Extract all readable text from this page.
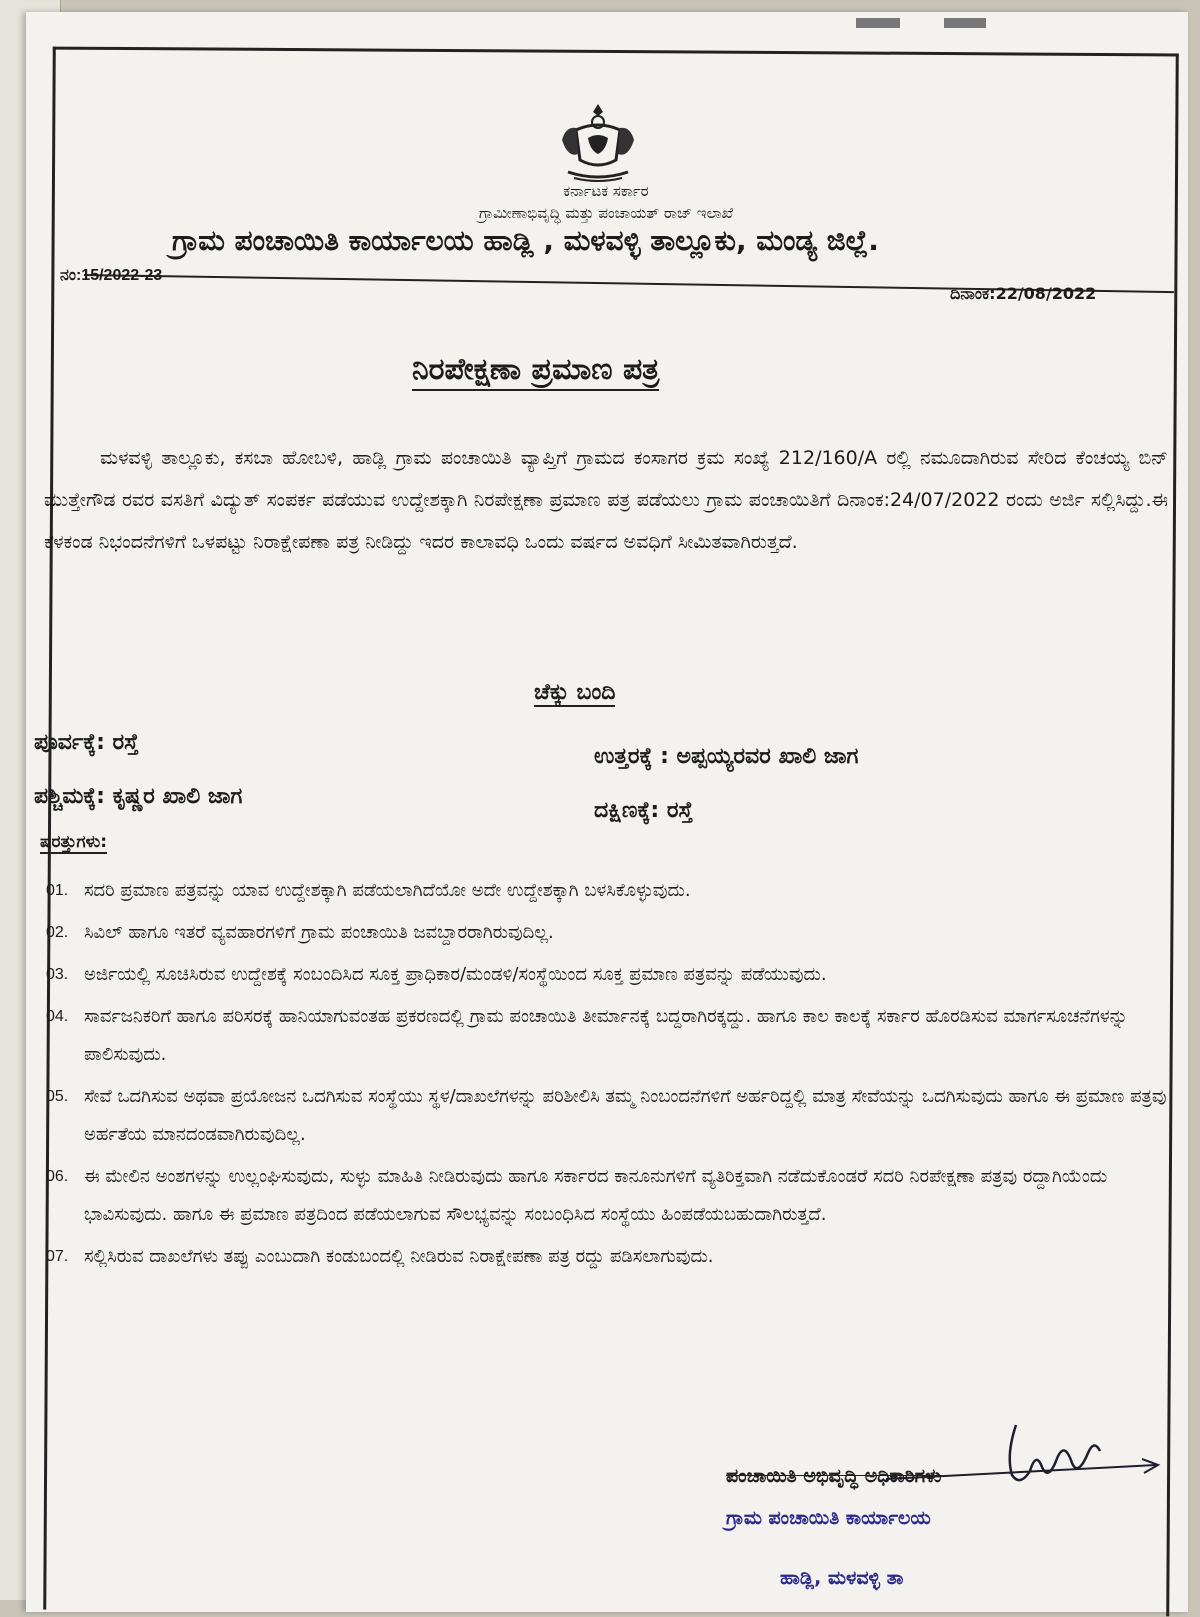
ಕರ್ನಾಟಕ ಸರ್ಕಾರ
ಗ್ರಾಮೀಣಾಭಿವೃದ್ಧಿ ಮತ್ತು ಪಂಚಾಯತ್ ರಾಜ್ ಇಲಾಖೆ
ಗ್ರಾಮ ಪಂಚಾಯಿತಿ ಕಾರ್ಯಾಲಯ ಹಾಡ್ಲಿ , ಮಳವಳ್ಳಿ ತಾಲ್ಲೂಕು, ಮಂಡ್ಯ ಜಿಲ್ಲೆ.
ನಂ:15/2022-23
ದಿನಾಂಕ:22/08/2022
ನಿರಪೇಕ್ಷಣಾ ಪ್ರಮಾಣ ಪತ್ರ
ಮಳವಳ್ಳಿ ತಾಲ್ಲೂಕು, ಕಸಬಾ ಹೋಬಳಿ, ಹಾಡ್ಲಿ ಗ್ರಾಮ ಪಂಚಾಯಿತಿ ವ್ಯಾಪ್ತಿಗೆ ಗ್ರಾಮದ ಕಂಸಾಗರ ಕ್ರಮ ಸಂಖ್ಯೆ 212/160/A ರಲ್ಲಿ ನಮೂದಾಗಿರುವ ಸೇರಿದ ಕೆಂಚಯ್ಯ ಬಿನ್ ಮುತ್ತೇಗೌಡ ರವರ ವಸತಿಗೆ ವಿದ್ಯುತ್ ಸಂಪರ್ಕ ಪಡೆಯುವ ಉದ್ದೇಶಕ್ಕಾಗಿ ನಿರಪೇಕ್ಷಣಾ ಪ್ರಮಾಣ ಪತ್ರ ಪಡೆಯಲು ಗ್ರಾಮ ಪಂಚಾಯಿತಿಗೆ ದಿನಾಂಕ:24/07/2022 ರಂದು ಅರ್ಜಿ ಸಲ್ಲಿಸಿದ್ದು.ಈ ಕೆಳಕಂಡ ನಿಭಂದನೆಗಳಿಗೆ ಒಳಪಟ್ಟು ನಿರಾಕ್ಷೇಪಣಾ ಪತ್ರ ನೀಡಿದ್ದು ಇದರ ಕಾಲಾವಧಿ ಒಂದು ವರ್ಷದ ಅವಧಿಗೆ ಸೀಮಿತವಾಗಿರುತ್ತದೆ.
ಚೆಕ್ಕು ಬಂದಿ
ಪೂರ್ವಕ್ಕೆ: ರಸ್ತೆ
ಉತ್ತರಕ್ಕೆ : ಅಪ್ಪಯ್ಯರವರ ಖಾಲಿ ಜಾಗ
ಪಶ್ಚಿಮಕ್ಕೆ: ಕೃಷ್ಣರ ಖಾಲಿ ಜಾಗ
ದಕ್ಷಿಣಕ್ಕೆ: ರಸ್ತೆ
ಷರತ್ತುಗಳು:
01. ಸದರಿ ಪ್ರಮಾಣ ಪತ್ರವನ್ನು ಯಾವ ಉದ್ದೇಶಕ್ಕಾಗಿ ಪಡೆಯಲಾಗಿದೆಯೋ ಅದೇ ಉದ್ದೇಶಕ್ಕಾಗಿ ಬಳಸಿಕೊಳ್ಳುವುದು.
02. ಸಿವಿಲ್ ಹಾಗೂ ಇತರೆ ವ್ಯವಹಾರಗಳಿಗೆ ಗ್ರಾಮ ಪಂಚಾಯಿತಿ ಜವಬ್ದಾರರಾಗಿರುವುದಿಲ್ಲ.
03. ಅರ್ಜಿಯಲ್ಲಿ ಸೂಚಿಸಿರುವ ಉದ್ದೇಶಕ್ಕೆ ಸಂಬಂದಿಸಿದ ಸೂಕ್ತ ಪ್ರಾಧಿಕಾರ/ಮಂಡಳಿ/ಸಂಸ್ಥೆಯಿಂದ ಸೂಕ್ತ ಪ್ರಮಾಣ ಪತ್ರವನ್ನು ಪಡೆಯುವುದು.
04. ಸಾರ್ವಜನಿಕರಿಗೆ ಹಾಗೂ ಪರಿಸರಕ್ಕೆ ಹಾನಿಯಾಗುವಂತಹ ಪ್ರಕರಣದಲ್ಲಿ ಗ್ರಾಮ ಪಂಚಾಯಿತಿ ತೀರ್ಮಾನಕ್ಕೆ ಬದ್ದರಾಗಿರಕ್ಕದ್ದು. ಹಾಗೂ ಕಾಲ ಕಾಲಕ್ಕೆ ಸರ್ಕಾರ ಹೊರಡಿಸುವ ಮಾರ್ಗಸೂಚನೆಗಳನ್ನು ಪಾಲಿಸುವುದು.
05. ಸೇವೆ ಒದಗಿಸುವ ಅಥವಾ ಪ್ರಯೋಜನ ಒದಗಿಸುವ ಸಂಸ್ಥೆಯು ಸ್ಥಳ/ದಾಖಲೆಗಳನ್ನು ಪರಿಶೀಲಿಸಿ ತಮ್ಮ ನಿಂಬಂದನೆಗಳಿಗೆ ಅರ್ಹರಿದ್ದಲ್ಲಿ ಮಾತ್ರ ಸೇವೆಯನ್ನು ಒದಗಿಸುವುದು ಹಾಗೂ ಈ ಪ್ರಮಾಣ ಪತ್ರವು ಅರ್ಹತೆಯ ಮಾನದಂಡವಾಗಿರುವುದಿಲ್ಲ.
06. ಈ ಮೇಲಿನ ಅಂಶಗಳನ್ನು ಉಲ್ಲಂಘಿಸುವುದು, ಸುಳ್ಳು ಮಾಹಿತಿ ನೀಡಿರುವುದು ಹಾಗೂ ಸರ್ಕಾರದ ಕಾನೂನುಗಳಿಗೆ ವ್ಯತಿರಿಕ್ತವಾಗಿ ನಡೆದುಕೊಂಡರೆ ಸದರಿ ನಿರಪೇಕ್ಷಣಾ ಪತ್ರವು ರದ್ದಾಗಿಯೆಂದು ಭಾವಿಸುವುದು. ಹಾಗೂ ಈ ಪ್ರಮಾಣ ಪತ್ರದಿಂದ ಪಡೆಯಲಾಗುವ ಸೌಲಭ್ಯವನ್ನು ಸಂಬಂಧಿಸಿದ ಸಂಸ್ಥೆಯು ಹಿಂಪಡೆಯಬಹುದಾಗಿರುತ್ತದೆ.
07. ಸಲ್ಲಿಸಿರುವ ದಾಖಲೆಗಳು ತಪ್ಪು ಎಂಬುದಾಗಿ ಕಂಡುಬಂದಲ್ಲಿ ನೀಡಿರುವ ನಿರಾಕ್ಷೇಪಣಾ ಪತ್ರ ರದ್ದು ಪಡಿಸಲಾಗುವುದು.
ಪಂಚಾಯಿತಿ ಅಭಿವೃದ್ಧಿ ಅಧಿಕಾರಿಗಳು
ಗ್ರಾಮ ಪಂಚಾಯಿತಿ ಕಾರ್ಯಾಲಯ
ಹಾಡ್ಲಿ, ಮಳವಳ್ಳಿ ತಾ
